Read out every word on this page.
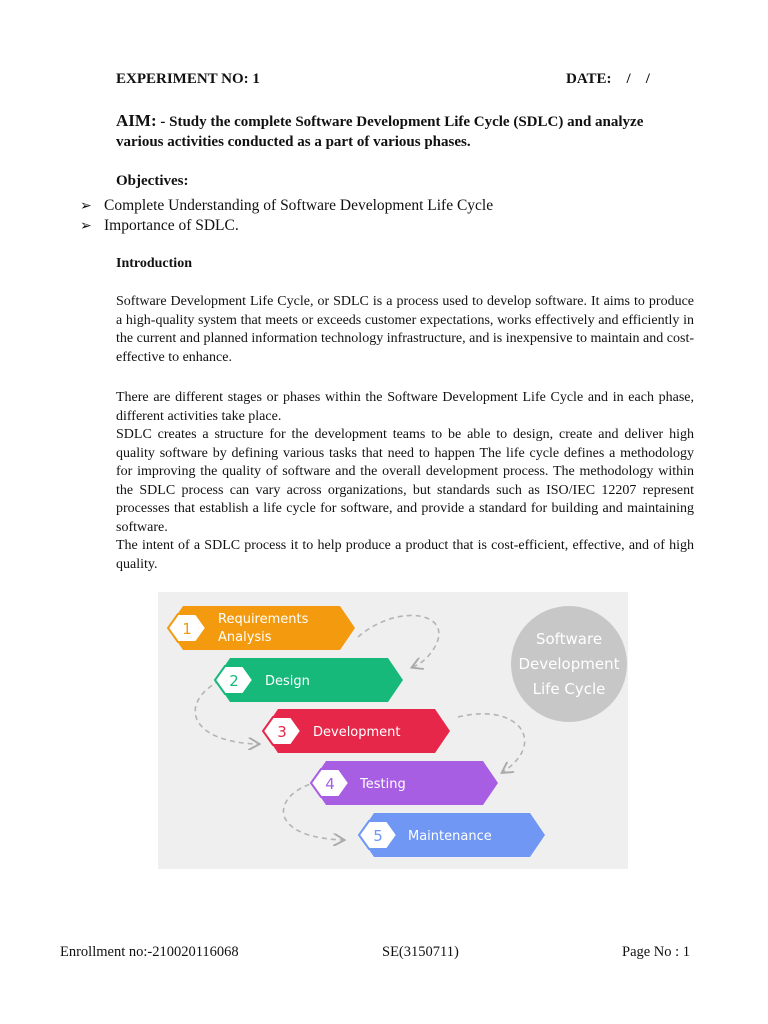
EXPERIMENT NO: 1	DATE:    /    /
AIM: - Study the complete Software Development Life Cycle (SDLC) and analyze various activities conducted as a part of various phases.
Objectives:
➢ Complete Understanding of Software Development Life Cycle
➢ Importance of SDLC.
Introduction

Software Development Life Cycle, or SDLC is a process used to develop software. It aims to produce a high-quality system that meets or exceeds customer expectations, works effectively and efficiently in the current and planned information technology infrastructure, and is inexpensive to maintain and cost-effective to enhance.

There are different stages or phases within the Software Development Life Cycle and in each phase, different activities take place.

SDLC creates a structure for the development teams to be able to design, create and deliver high quality software by defining various tasks that need to happen The life cycle defines a methodology for improving the quality of software and the overall development process. The methodology within the SDLC process can vary across organizations, but standards such as ISO/IEC 12207 represent processes that establish a life cycle for software, and provide a standard for building and maintaining software.

The intent of a SDLC process it to help produce a product that is cost-efficient, effective, and of high quality.

Software
Development
Life Cycle
1
Requirements
Analysis
2 Design
3 Development
4 Testing
5 Maintenance
Enrollment no:-210020116068	SE(3150711)	Page No : 1
